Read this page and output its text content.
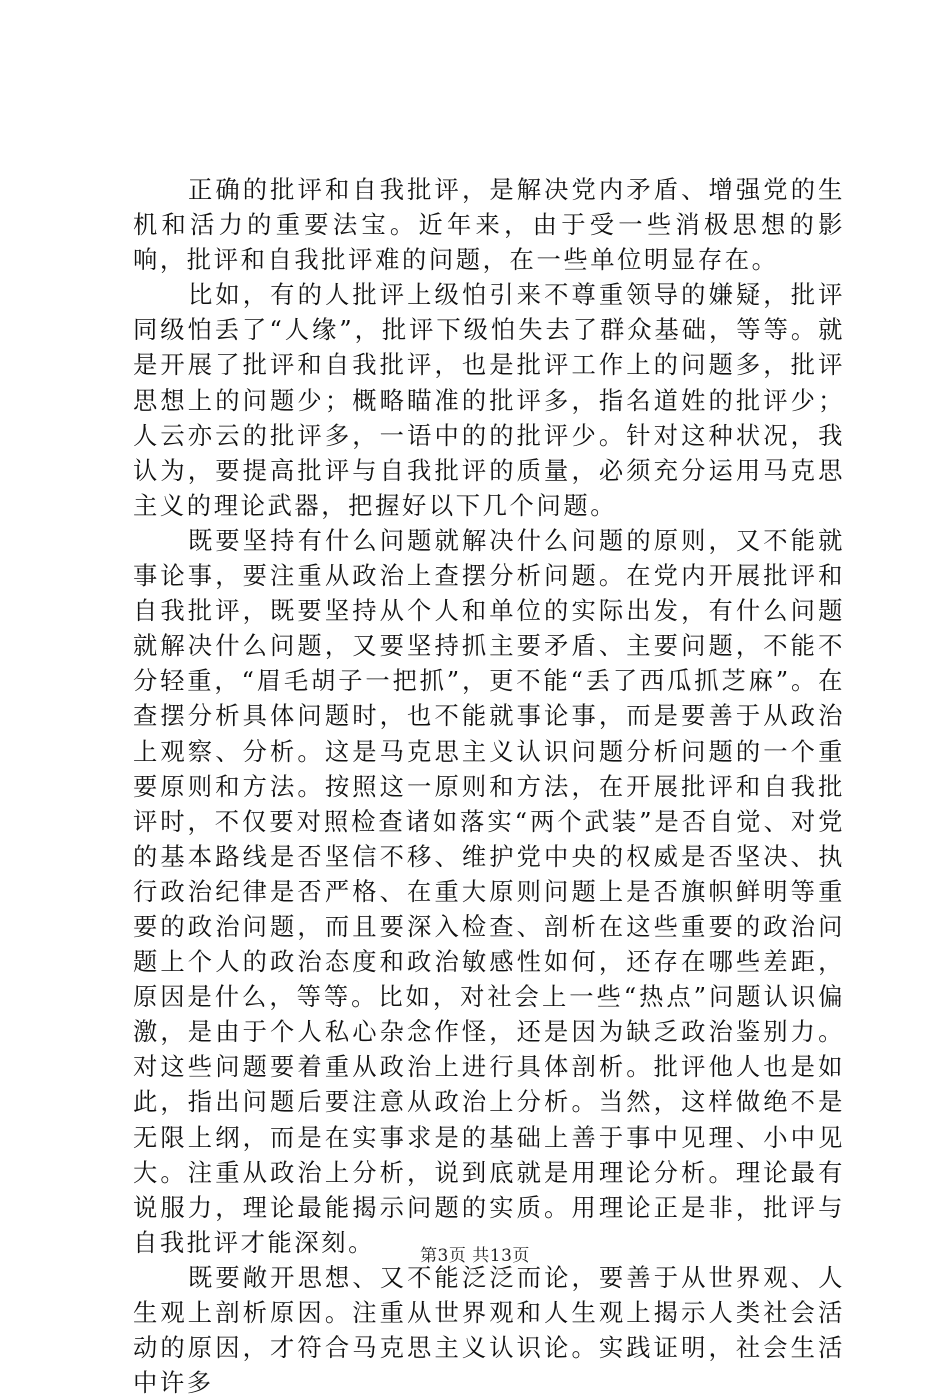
正确的批评和自我批评，是解决党内矛盾、增强党的生机和活力的重要法宝。近年来，由于受一些消极思想的影响，批评和自我批评难的问题，在一些单位明显存在。

比如，有的人批评上级怕引来不尊重领导的嫌疑，批评同级怕丢了“人缘”，批评下级怕失去了群众基础，等等。就是开展了批评和自我批评，也是批评工作上的问题多，批评思想上的问题少；概略瞄准的批评多，指名道姓的批评少；人云亦云的批评多，一语中的的批评少。针对这种状况，我认为，要提高批评与自我批评的质量，必须充分运用马克思主义的理论武器，把握好以下几个问题。

既要坚持有什么问题就解决什么问题的原则，又不能就事论事，要注重从政治上查摆分析问题。在党内开展批评和自我批评，既要坚持从个人和单位的实际出发，有什么问题就解决什么问题，又要坚持抓主要矛盾、主要问题，不能不分轻重，“眉毛胡子一把抓”，更不能“丢了西瓜抓芝麻”。在查摆分析具体问题时，也不能就事论事，而是要善于从政治上观察、分析。这是马克思主义认识问题分析问题的一个重要原则和方法。按照这一原则和方法，在开展批评和自我批评时，不仅要对照检查诸如落实“两个武装”是否自觉、对党的基本路线是否坚信不移、维护党中央的权威是否坚决、执行政治纪律是否严格、在重大原则问题上是否旗帜鲜明等重要的政治问题，而且要深入检查、剖析在这些重要的政治问题上个人的政治态度和政治敏感性如何，还存在哪些差距，原因是什么，等等。比如，对社会上一些“热点”问题认识偏激，是由于个人私心杂念作怪，还是因为缺乏政治鉴别力。对这些问题要着重从政治上进行具体剖析。批评他人也是如此，指出问题后要注意从政治上分析。当然，这样做绝不是无限上纲，而是在实事求是的基础上善于事中见理、小中见大。注重从政治上分析，说到底就是用理论分析。理论最有说服力，理论最能揭示问题的实质。用理论正是非，批评与自我批评才能深刻。

既要敞开思想、又不能泛泛而论，要善于从世界观、人生观上剖析原因。注重从世界观和人生观上揭示人类社会活动的原因，才符合马克思主义认识论。实践证明，社会生活中许多

第3页 共13页
